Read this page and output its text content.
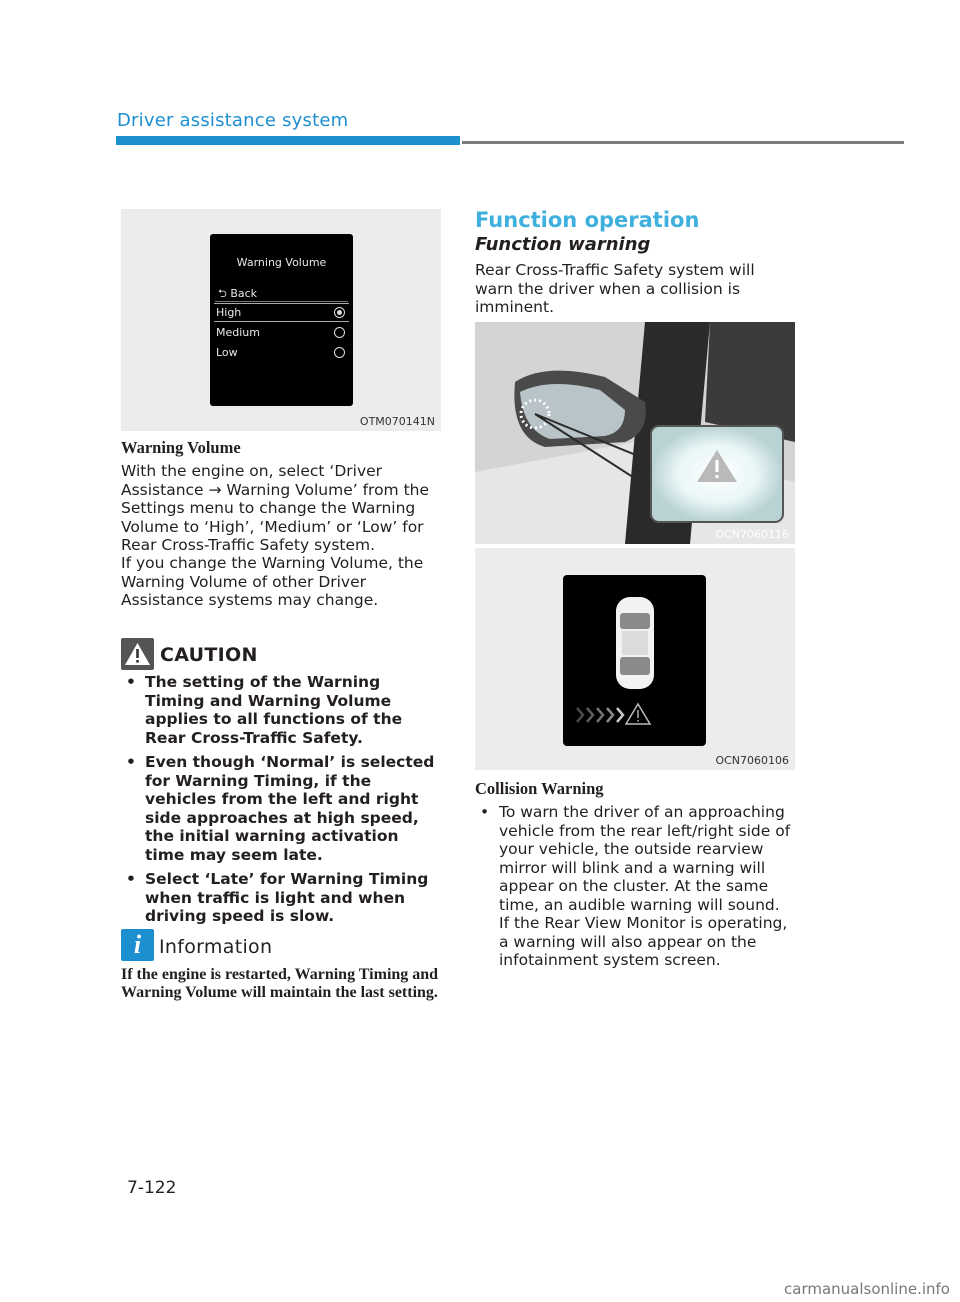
Driver assistance system
Warning Volume
⮌ Back
High
Medium
Low
OTM070141N
Warning Volume
With the engine on, select ‘Driver Assistance → Warning Volume’ from the Settings menu to change the Warning Volume to ‘High’, ‘Medium’ or ‘Low’ for Rear Cross-Traffic Safety system.
If you change the Warning Volume, the Warning Volume of other Driver Assistance systems may change.
CAUTION
• The setting of the Warning Timing and Warning Volume applies to all functions of the Rear Cross-Traffic Safety.
• Even though ‘Normal’ is selected for Warning Timing, if the vehicles from the left and right side approaches at high speed, the initial warning activation time may seem late.
• Select ‘Late’ for Warning Timing when traffic is light and when driving speed is slow.
i Information
If the engine is restarted, Warning Timing and Warning Volume will maintain the last setting.
Function operation
Function warning
Rear Cross-Traffic Safety system will warn the driver when a collision is imminent.
OCN7060116
OCN7060106
Collision Warning
• To warn the driver of an approaching vehicle from the rear left/right side of your vehicle, the outside rearview mirror will blink and a warning will appear on the cluster. At the same time, an audible warning will sound. If the Rear View Monitor is operating, a warning will also appear on the infotainment system screen.
7-122
carmanualsonline.info
